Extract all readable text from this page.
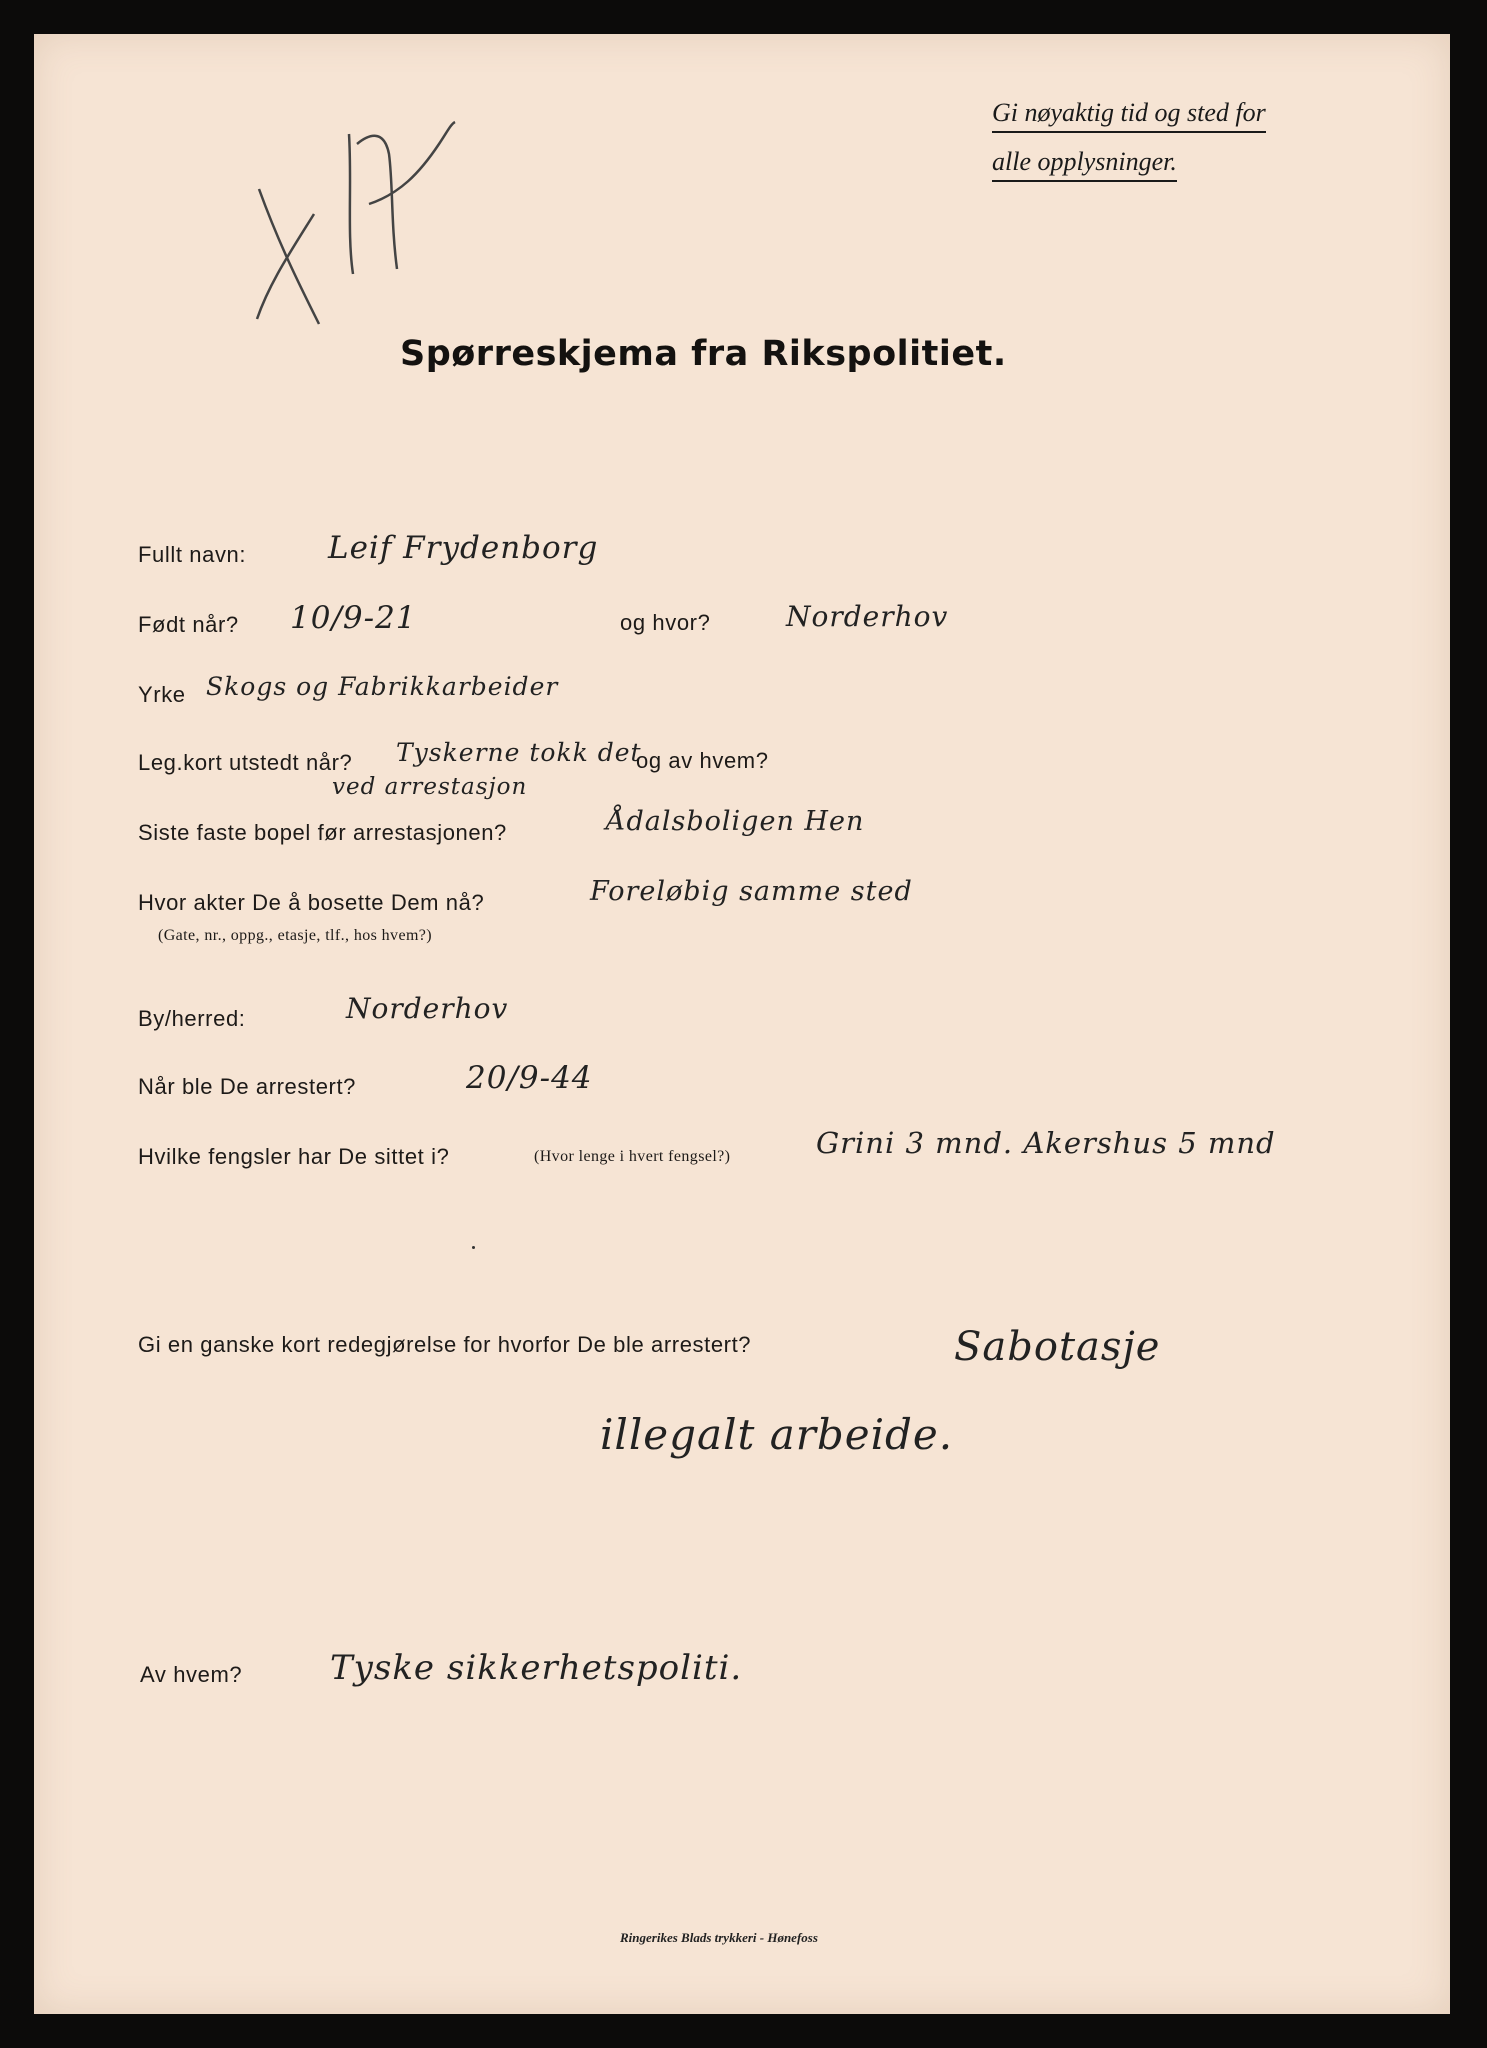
Gi nøyaktig tid og sted for
alle opplysninger.
Spørreskjema fra Rikspolitiet.
Fullt navn:	Leif Frydenborg
Født når? 10/9-21	og hvor?	Norderhov
Yrke Skogs og Fabrikkarbeider
Leg.kort utstedt når? Tyskerne tokk det
ved arrestasjon
og av hvem?
Siste faste bopel før arrestasjonen?	Ådalsboligen Hen
Hvor akter De å bosette Dem nå?
(Gate, nr., oppg., etasje, tlf., hos hvem?)
Foreløbig samme sted
By/herred:	Norderhov
Når ble De arrestert?	20/9-44
Hvilke fengsler har De sittet i?	(Hvor lenge i hvert fengsel?)	Grini 3 mnd. Akershus 5 mnd
Gi en ganske kort redegjørelse for hvorfor De ble arrestert?	Sabotasje
illegalt arbeide.
Av hvem?	Tyske sikkerhetspoliti.
Ringerikes Blads trykkeri - Hønefoss
